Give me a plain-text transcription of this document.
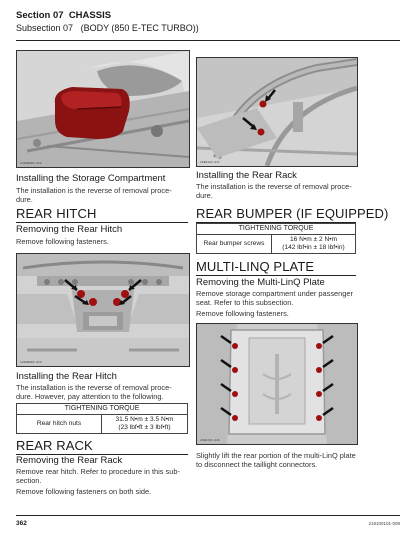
Section 07 CHASSIS
Subsection 07 (BODY (850 E-TEC TURBO))
1095BEDS-010
Installing the Storage Compartment
The installation is the reverse of removal proce-
dure.
REAR HITCH
Removing the Rear Hitch
Remove following fasteners.
1095BEDS-010
Installing the Rear Hitch
The installation is the reverse of removal proce-
dure. However, pay attention to the following.
TIGHTENING TORQUE
Rear hitch nuts	
31.5 N•m ± 3.5 N•m
(23 lbf•ft ± 3 lbf•ft)
REAR RACK
Removing the Rear Rack
Remove rear hitch. Refer to procedure in this sub-
section.
Remove following fasteners on both side.
21B0203-017
Installing the Rear Rack
The installation is the reverse of removal proce-
dure.
REAR BUMPER (IF EQUIPPED)
TIGHTENING TORQUE
Rear bumper screws	
16 N•m ± 2 N•m
(142 lbf•in ± 18 lbf•in)
MULTI-LINQ PLATE
Removing the Multi-LinQ Plate
Remove storage compartment under passenger
seat. Refer to this subsection.
Remove following fasteners.
21B0203-026
Slightly lift the rear portion of the multi-LinQ plate
to disconnect the taillight connectors.
362	219100101-009
